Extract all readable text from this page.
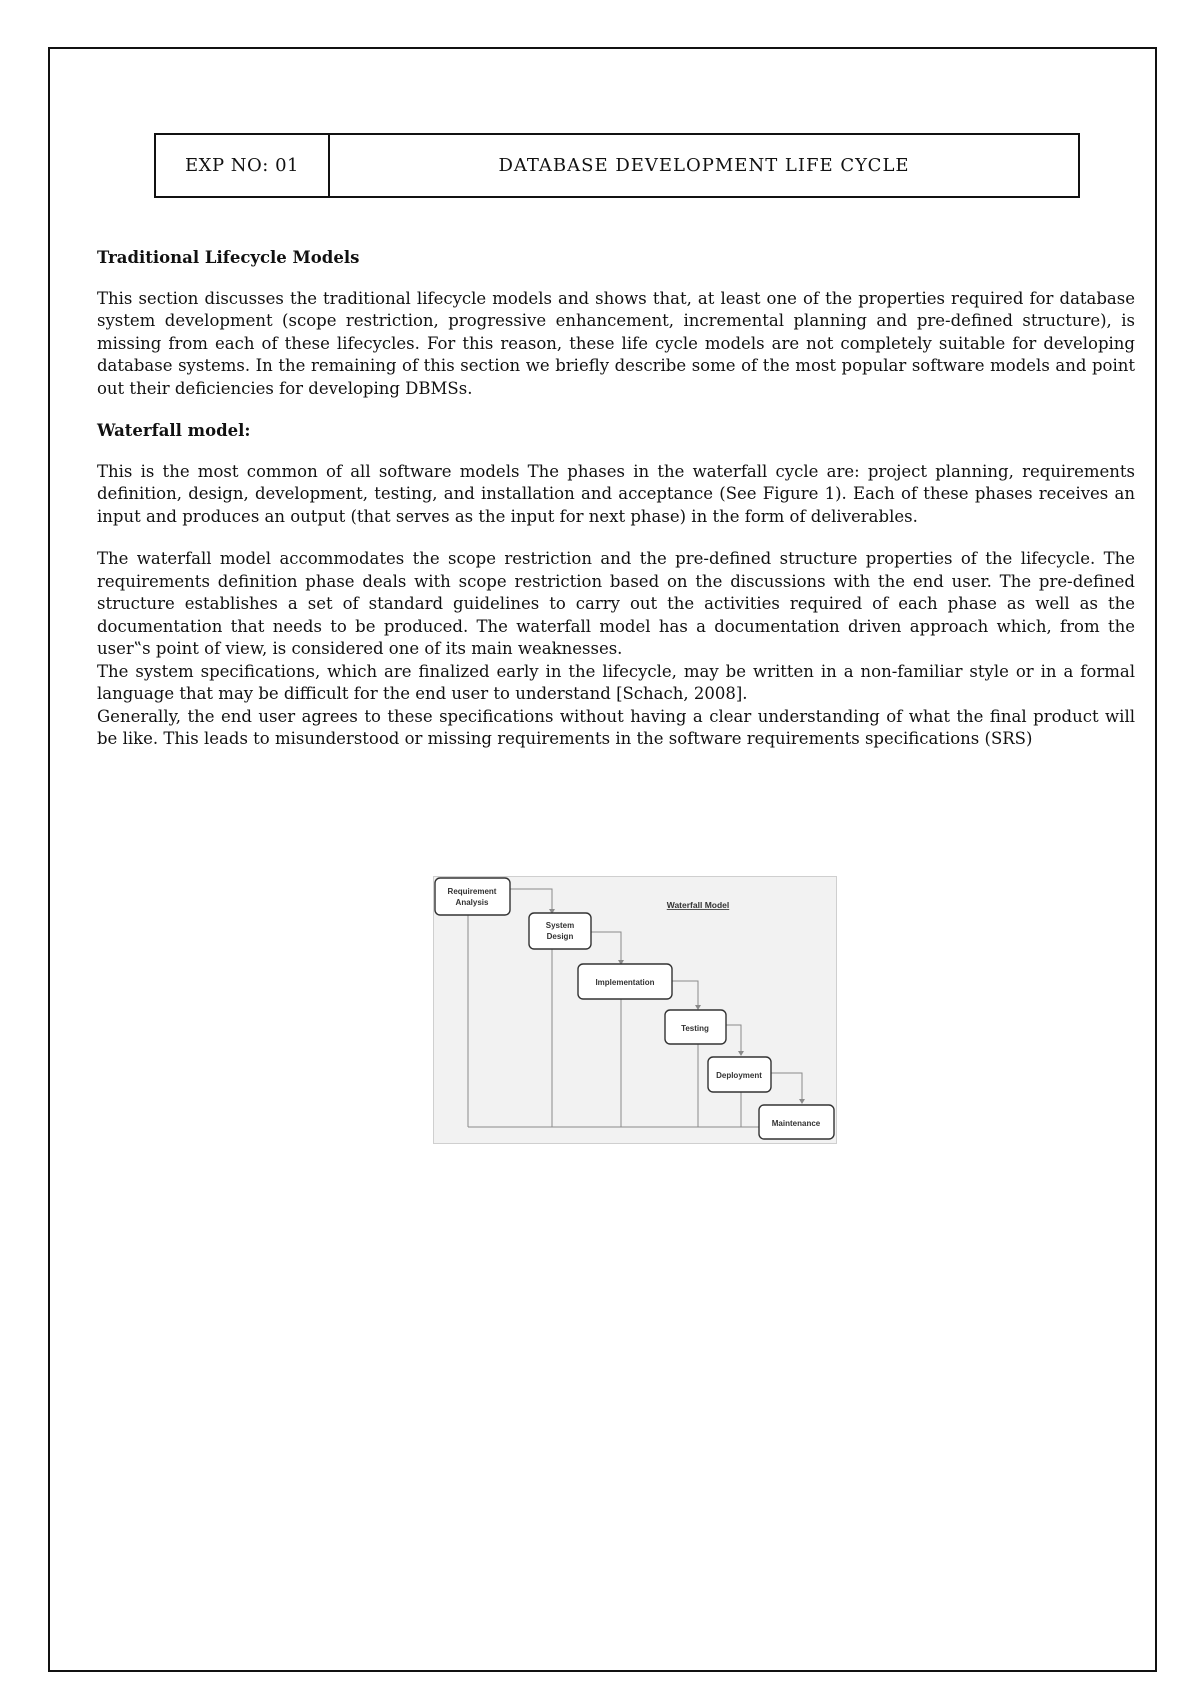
EXP NO: 01	DATABASE DEVELOPMENT LIFE CYCLE

Traditional Lifecycle Models

This section discusses the traditional lifecycle models and shows that, at least one of the properties required for database system development (scope restriction, progressive enhancement, incremental planning and pre-defined structure), is missing from each of these lifecycles. For this reason, these life cycle models are not completely suitable for developing database systems. In the remaining of this section we briefly describe some of the most popular software models and point out their deficiencies for developing DBMSs.

Waterfall model:

This is the most common of all software models The phases in the waterfall cycle are: project planning, requirements definition, design, development, testing, and installation and acceptance (See Figure 1). Each of these phases receives an input and produces an output (that serves as the input for next phase) in the form of deliverables.

The waterfall model accommodates the scope restriction and the pre-defined structure properties of the lifecycle. The requirements definition phase deals with scope restriction based on the discussions with the end user. The pre-defined structure establishes a set of standard guidelines to carry out the activities required of each phase as well as the documentation that needs to be produced. The waterfall model has a documentation driven approach which, from the user‟s point of view, is considered one of its main weaknesses.

The system specifications, which are finalized early in the lifecycle, may be written in a non-familiar style or in a formal language that may be difficult for the end user to understand [Schach, 2008].

Generally, the end user agrees to these specifications without having a clear understanding of what the final product will be like. This leads to misunderstood or missing requirements in the software requirements specifications (SRS)

Waterfall Model
Requirement
Analysis
System
Design
Implementation
Testing
Deployment
Maintenance
